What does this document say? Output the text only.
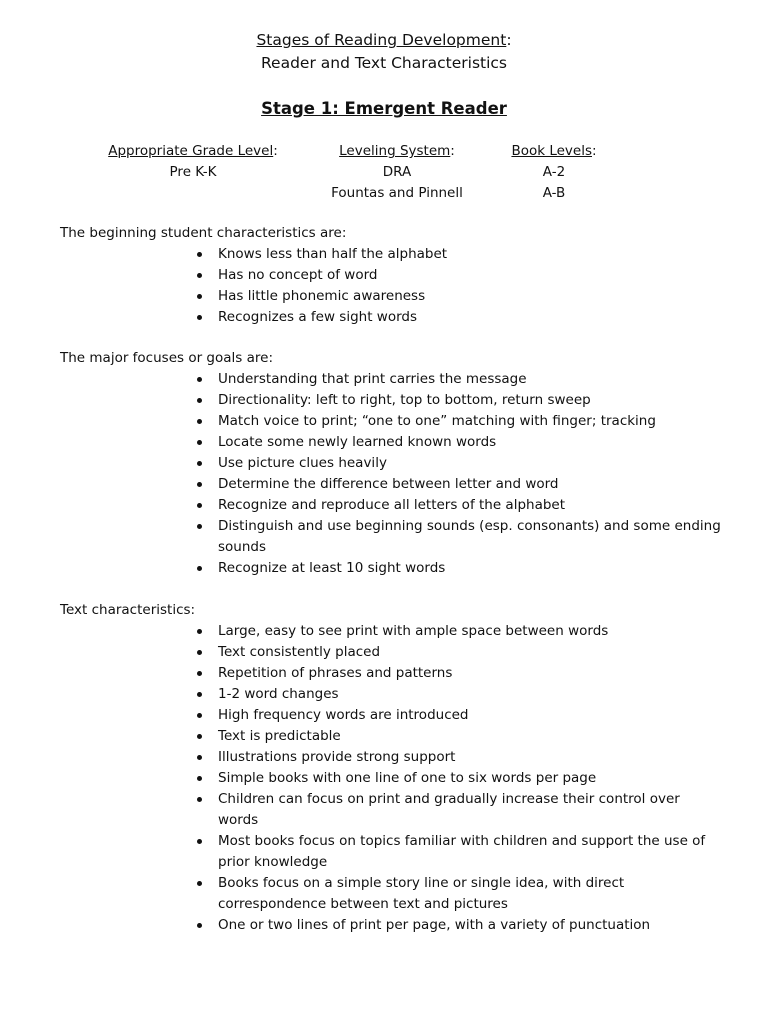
Stages of Reading Development:
Reader and Text Characteristics
Stage 1: Emergent Reader
Appropriate Grade Level:
Pre K-K
Leveling System:
DRA
Fountas and Pinnell
Book Levels:
A-2
A-B
The beginning student characteristics are:
Knows less than half the alphabet
Has no concept of word
Has little phonemic awareness
Recognizes a few sight words
The major focuses or goals are:
Understanding that print carries the message
Directionality: left to right, top to bottom, return sweep
Match voice to print; “one to one” matching with finger; tracking
Locate some newly learned known words
Use picture clues heavily
Determine the difference between letter and word
Recognize and reproduce all letters of the alphabet
Distinguish and use beginning sounds (esp. consonants) and some ending sounds
Recognize at least 10 sight words
Text characteristics:
Large, easy to see print with ample space between words
Text consistently placed
Repetition of phrases and patterns
1-2 word changes
High frequency words are introduced
Text is predictable
Illustrations provide strong support
Simple books with one line of one to six words per page
Children can focus on print and gradually increase their control over words
Most books focus on topics familiar with children and support the use of prior knowledge
Books focus on a simple story line or single idea, with direct correspondence between text and pictures
One or two lines of print per page, with a variety of punctuation
